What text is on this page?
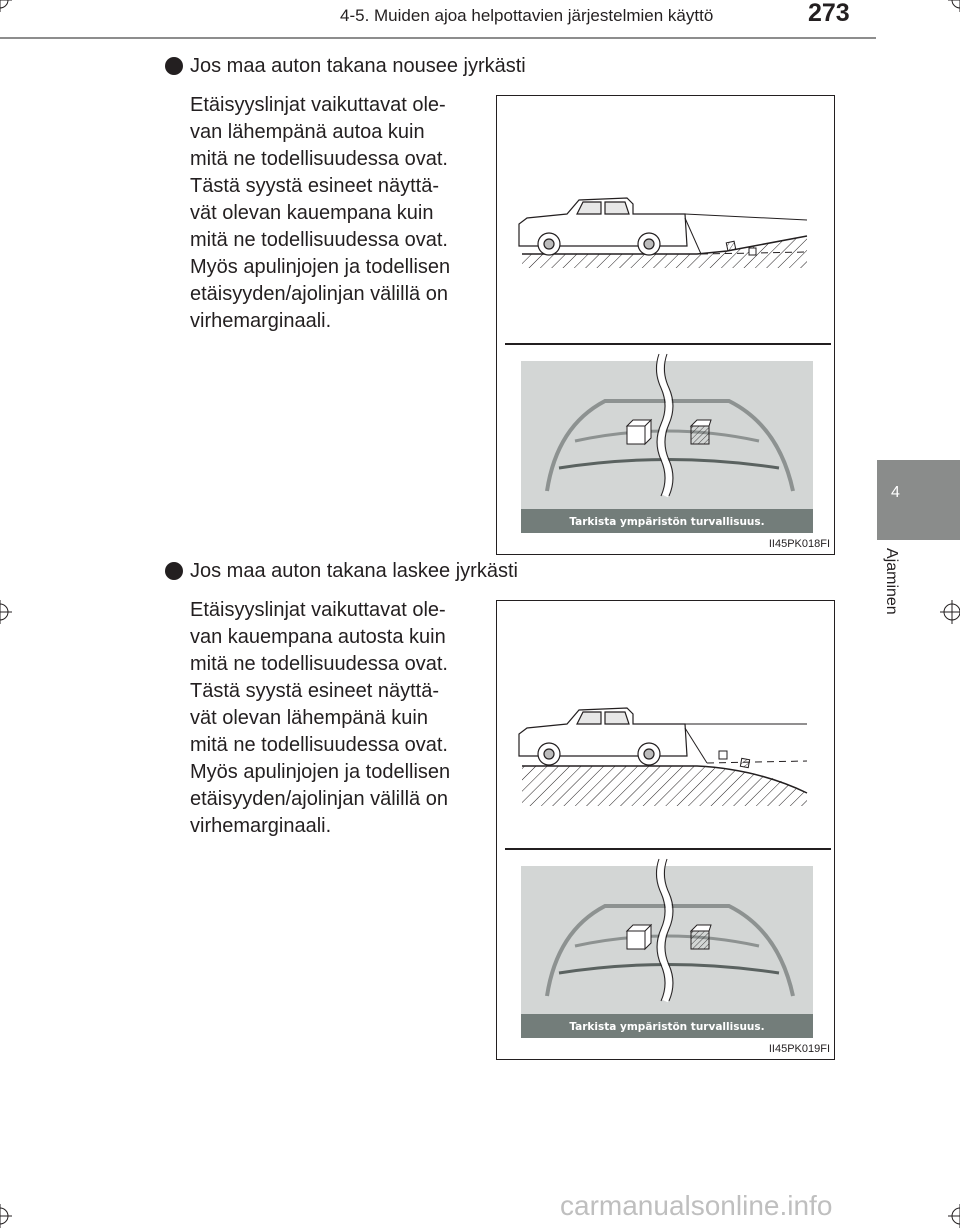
4-5. Muiden ajoa helpottavien järjestelmien käyttö	273
4
Ajaminen
Jos maa auton takana nousee jyrkästi
Etäisyyslinjat vaikuttavat ole-
van lähempänä autoa kuin
mitä ne todellisuudessa ovat.
Tästä syystä esineet näyttä-
vät olevan kauempana kuin
mitä ne todellisuudessa ovat.
Myös apulinjojen ja todellisen
etäisyyden/ajolinjan välillä on
virhemarginaali.
Tarkista ympäristön turvallisuus.
II45PK018FI
Jos maa auton takana laskee jyrkästi
Etäisyyslinjat vaikuttavat ole-
van kauempana autosta kuin
mitä ne todellisuudessa ovat.
Tästä syystä esineet näyttä-
vät olevan lähempänä kuin
mitä ne todellisuudessa ovat.
Myös apulinjojen ja todellisen
etäisyyden/ajolinjan välillä on
virhemarginaali.
Tarkista ympäristön turvallisuus.
II45PK019FI
carmanualsonline.info
